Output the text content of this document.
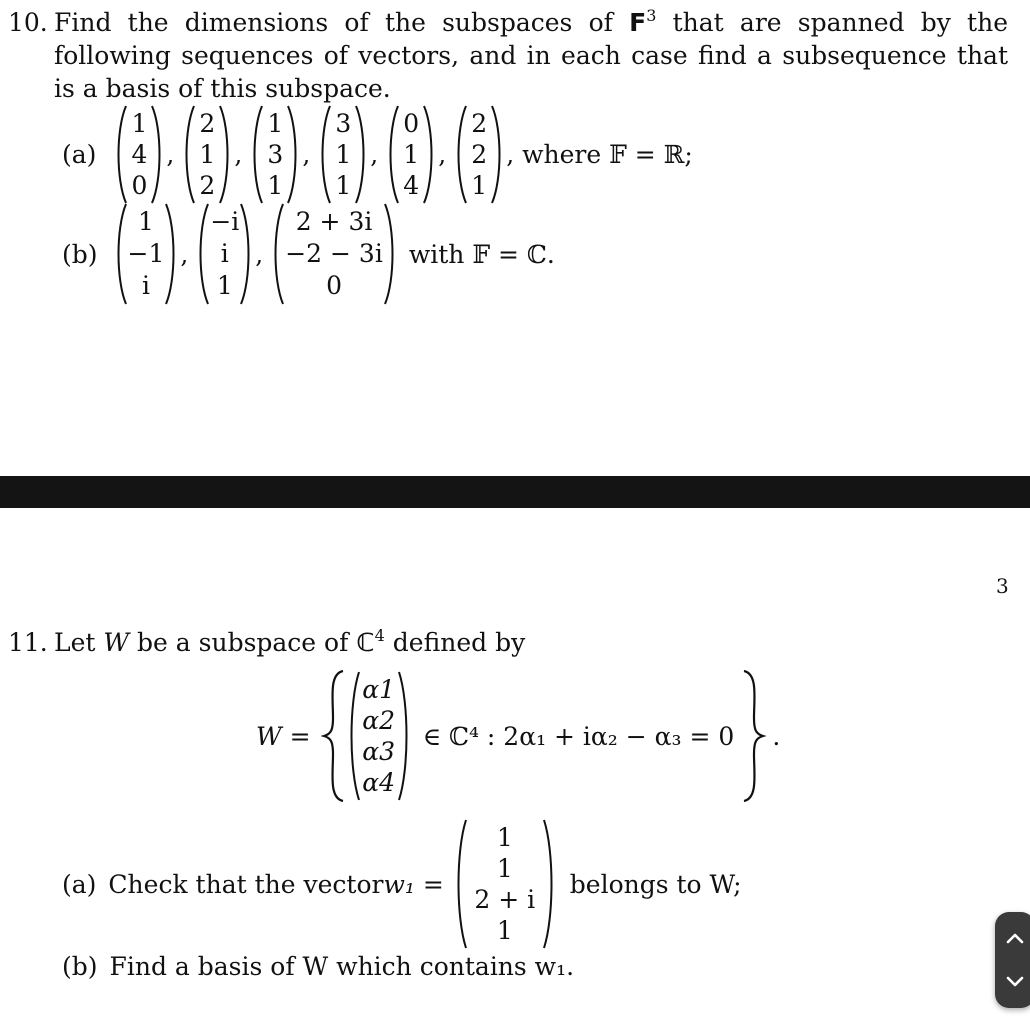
10. Find the dimensions of the subspaces of $F^3$ that are spanned by the following sequences of vectors, and in each case find a subsequence that is a basis of this subspace.
(a)
1
4
0
,
2
1
2
,
1
3
1
,
3
1
1
,
0
1
4
,
2
2
1
, where 𝔽 = ℝ;
(b)
1
−1
i
,
−i
i
1
,
2 + 3i
−2 − 3i
0
with 𝔽 = ℂ.
3
11. Let W be a subspace of ℂ$^4$ defined by
W =
α1
α2
α3
α4
∈ ℂ⁴ : 2α₁ + iα₂ − α₃ = 0 .
(a) Check that the vector w₁ =
1
1
2 + i
1
belongs to W;
(b) Find a basis of W which contains w₁.
